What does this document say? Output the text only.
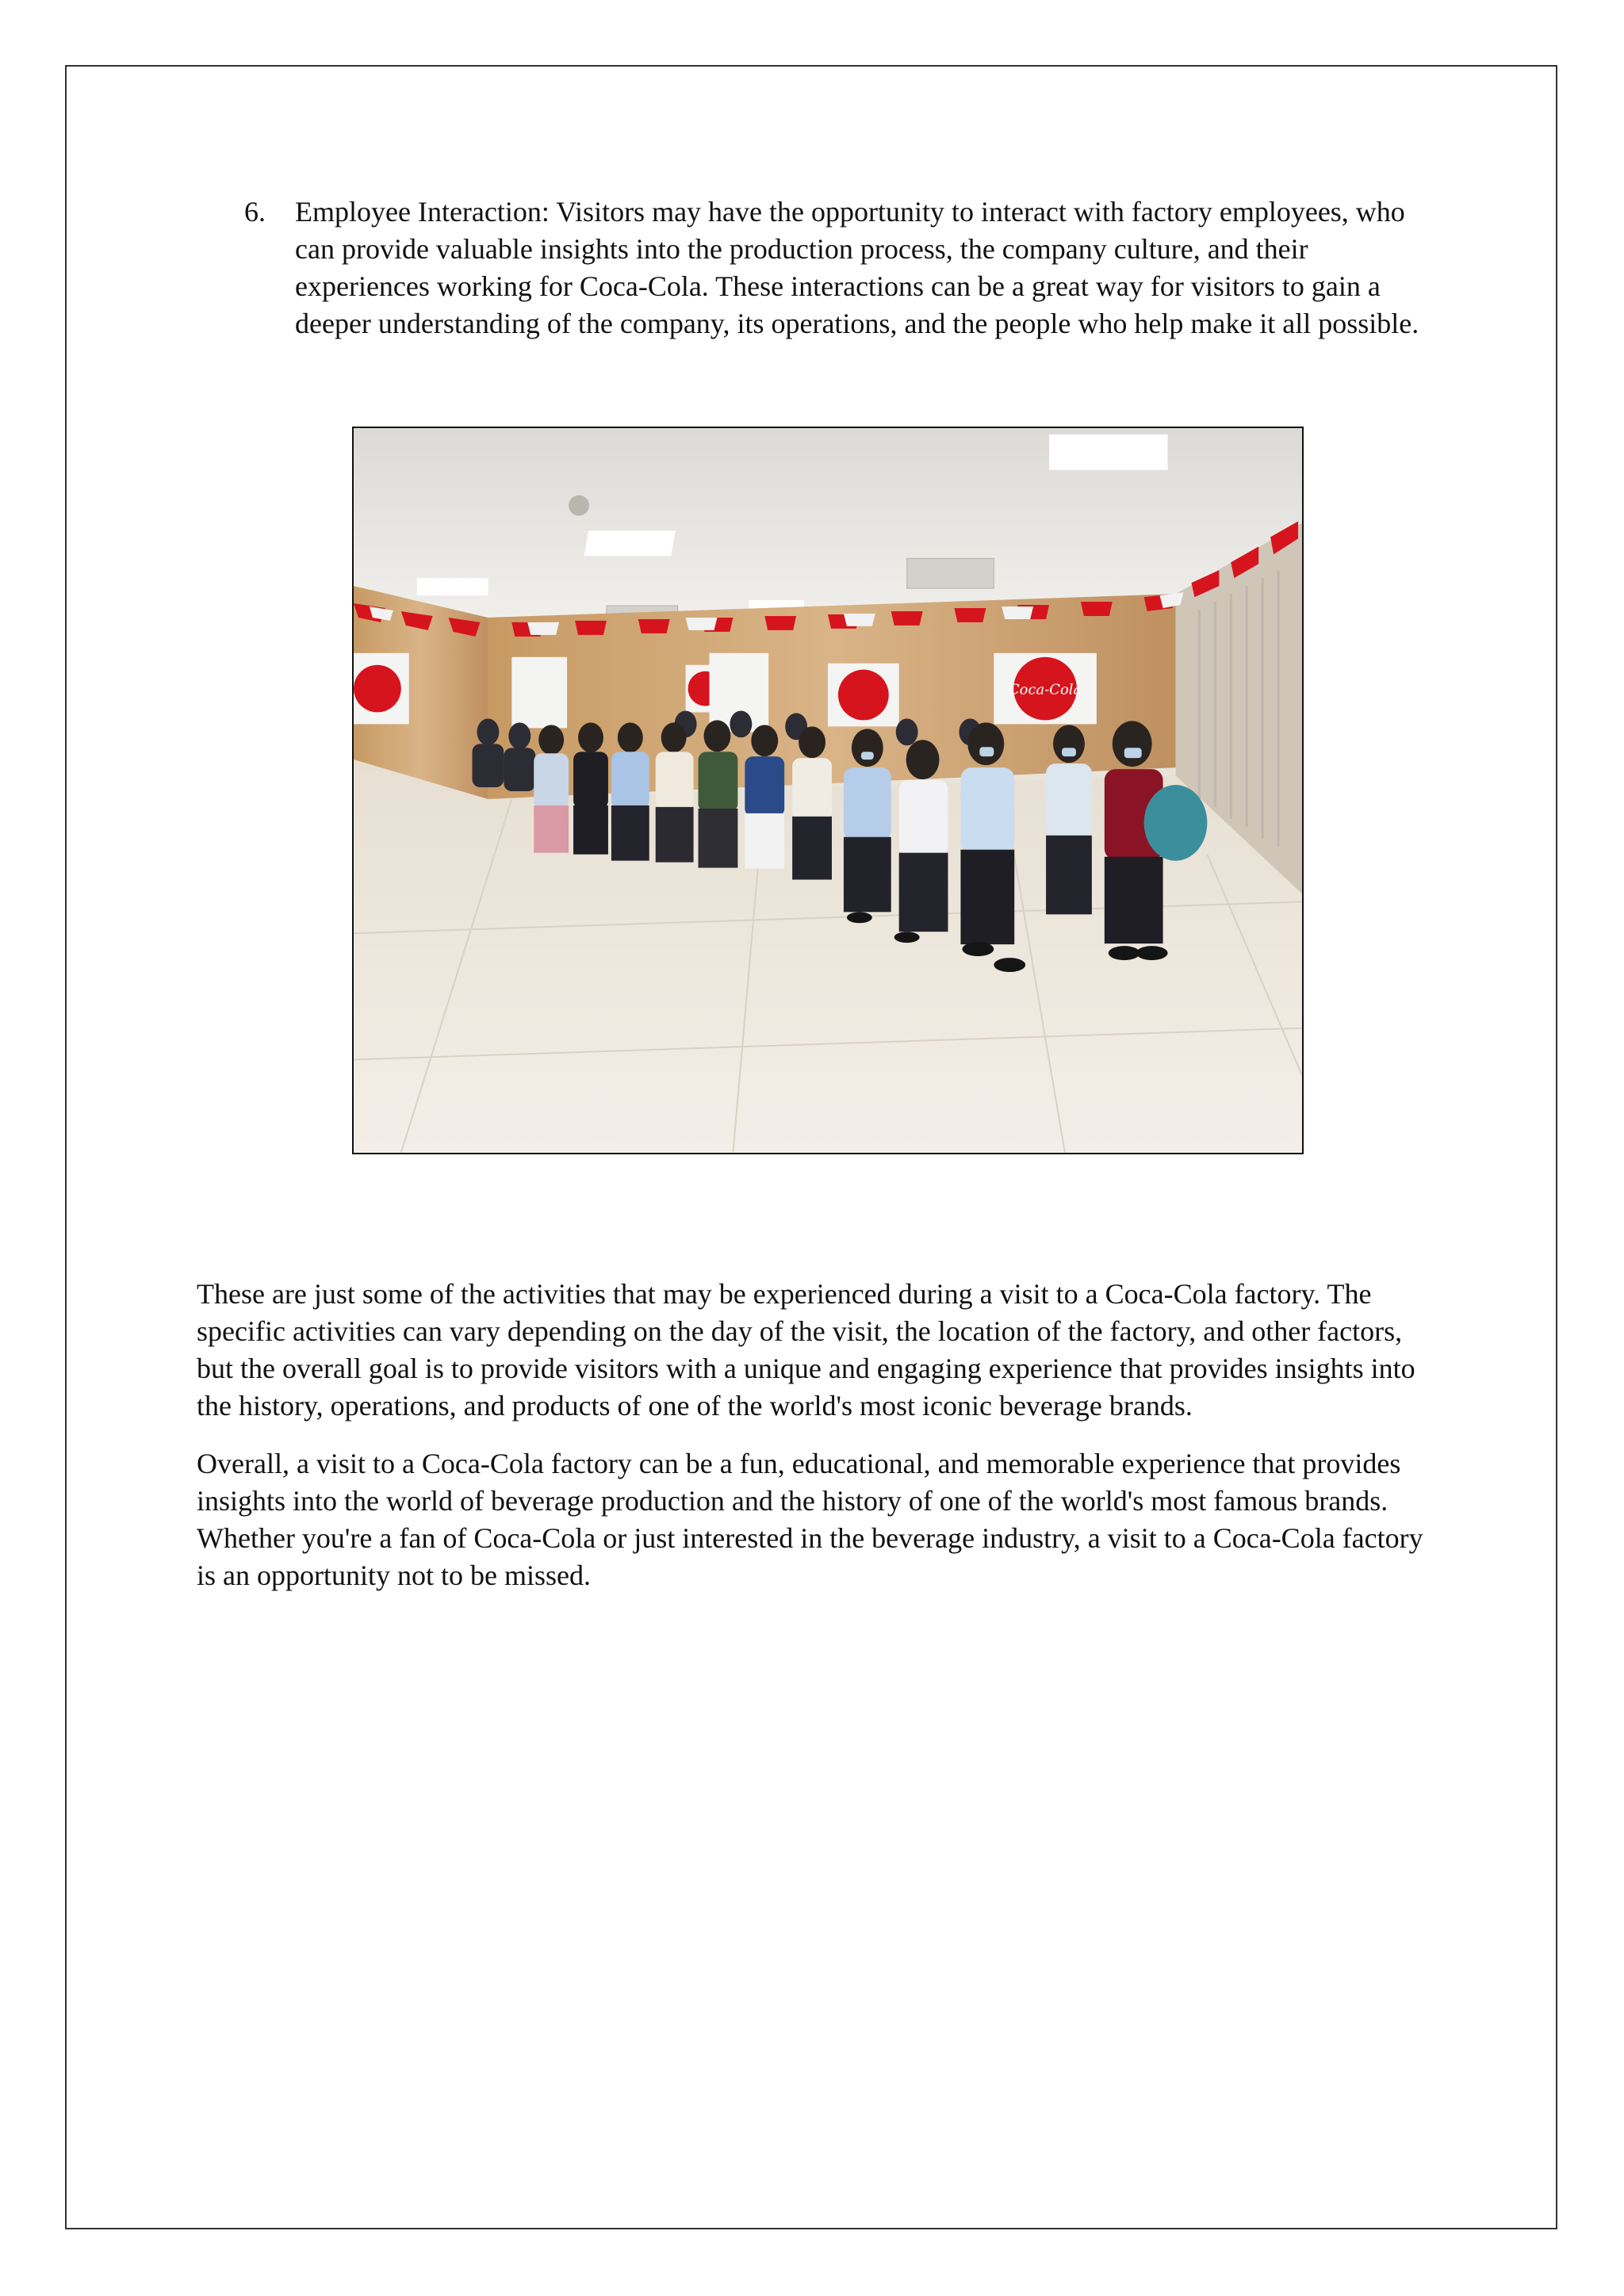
6. Employee Interaction: Visitors may have the opportunity to interact with factory employees, who can provide valuable insights into the production process, the company culture, and their experiences working for Coca-Cola. These interactions can be a great way for visitors to gain a deeper understanding of the company, its operations, and the people who help make it all possible.
Coca-Cola

These are just some of the activities that may be experienced during a visit to a Coca-Cola factory. The specific activities can vary depending on the day of the visit, the location of the factory, and other factors, but the overall goal is to provide visitors with a unique and engaging experience that provides insights into the history, operations, and products of one of the world's most iconic beverage brands.

Overall, a visit to a Coca-Cola factory can be a fun, educational, and memorable experience that provides insights into the world of beverage production and the history of one of the world's most famous brands. Whether you're a fan of Coca-Cola or just interested in the beverage industry, a visit to a Coca-Cola factory is an opportunity not to be missed.
